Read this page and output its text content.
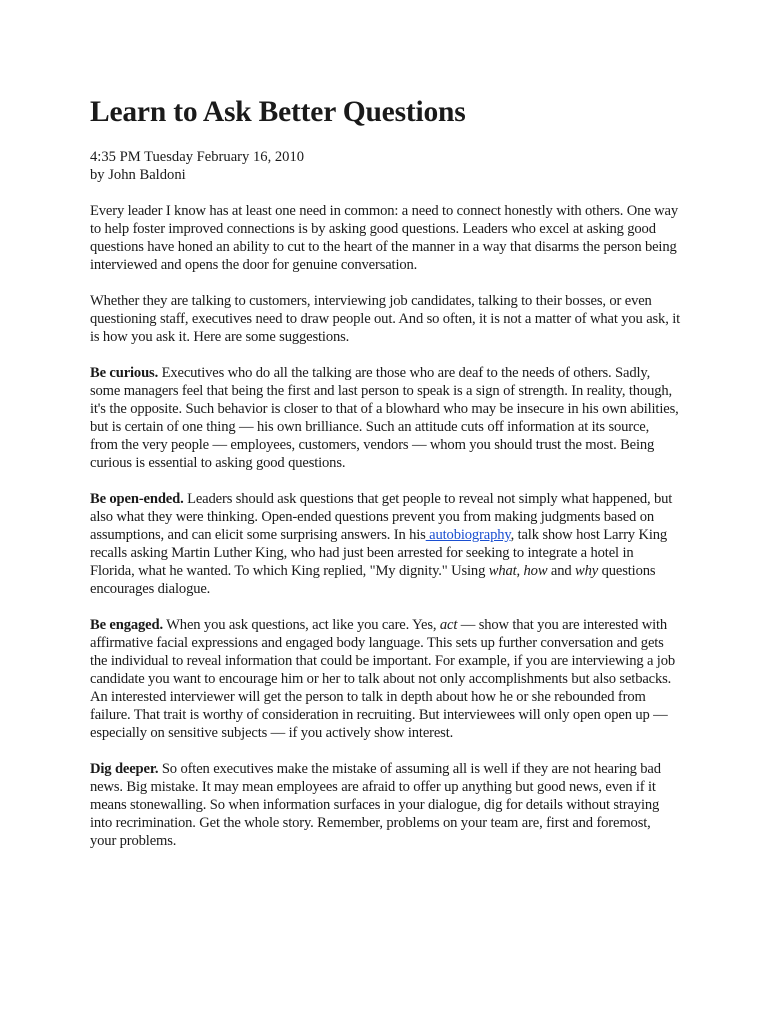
Learn to Ask Better Questions
4:35 PM Tuesday February 16, 2010
by John Baldoni

Every leader I know has at least one need in common: a need to connect honestly with others. One way to help foster improved connections is by asking good questions. Leaders who excel at asking good questions have honed an ability to cut to the heart of the manner in a way that disarms the person being interviewed and opens the door for genuine conversation.

Whether they are talking to customers, interviewing job candidates, talking to their bosses, or even questioning staff, executives need to draw people out. And so often, it is not a matter of what you ask, it is how you ask it. Here are some suggestions.

Be curious. Executives who do all the talking are those who are deaf to the needs of others. Sadly, some managers feel that being the first and last person to speak is a sign of strength. In reality, though, it's the opposite. Such behavior is closer to that of a blowhard who may be insecure in his own abilities, but is certain of one thing — his own brilliance. Such an attitude cuts off information at its source, from the very people — employees, customers, vendors — whom you should trust the most. Being curious is essential to asking good questions.

Be open-ended. Leaders should ask questions that get people to reveal not simply what happened, but also what they were thinking. Open-ended questions prevent you from making judgments based on assumptions, and can elicit some surprising answers. In his autobiography, talk show host Larry King recalls asking Martin Luther King, who had just been arrested for seeking to integrate a hotel in Florida, what he wanted. To which King replied, "My dignity." Using what, how and why questions encourages dialogue.

Be engaged. When you ask questions, act like you care. Yes, act — show that you are interested with affirmative facial expressions and engaged body language. This sets up further conversation and gets the individual to reveal information that could be important. For example, if you are interviewing a job candidate you want to encourage him or her to talk about not only accomplishments but also setbacks. An interested interviewer will get the person to talk in depth about how he or she rebounded from failure. That trait is worthy of consideration in recruiting. But interviewees will only open open up — especially on sensitive subjects — if you actively show interest.

Dig deeper. So often executives make the mistake of assuming all is well if they are not hearing bad news. Big mistake. It may mean employees are afraid to offer up anything but good news, even if it means stonewalling. So when information surfaces in your dialogue, dig for details without straying into recrimination. Get the whole story. Remember, problems on your team are, first and foremost, your problems.
